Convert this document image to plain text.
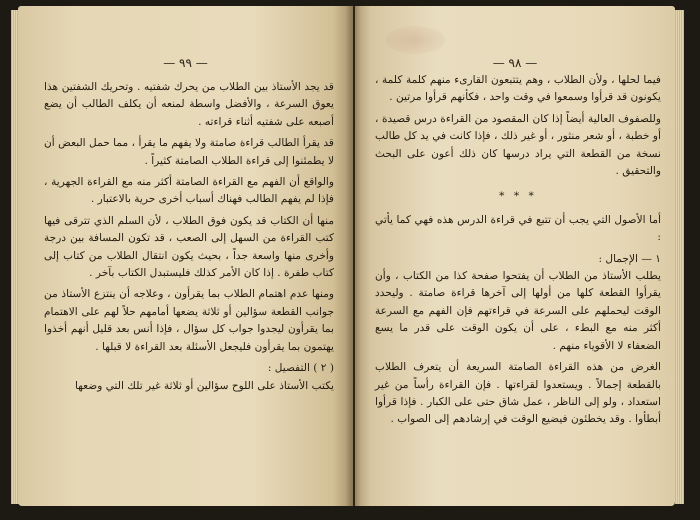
— ٩٩ —

قد يجد الأستاذ بين الطلاب من يحرك شفتيه . وتحريك الشفتين هذا يعوق السرعة ، والأفضل واسطة لمنعه أن يكلف الطالب أن يضع أصبعه على شفتيه أثناء قراءته .

قد يقرأ الطالب قراءة صامتة ولا يفهم ما يقرأ ، مما حمل البعض أن لا يطمئنوا إلى قراءة الطلاب الصامتة كثيراً .

والواقع أن الفهم مع القراءة الصامتة أكثر منه مع القراءة الجهرية ، فإذا لم يفهم الطالب فهناك أسباب أخرى حرية بالاعتبار .

منها أن الكتاب قد يكون فوق الطلاب ، لأن السلم الذي تترقى فيها كتب القراءة من السهل إلى الصعب ، قد تكون المسافة بين درجة وأخرى منها واسعة جداً ، بحيث يكون انتقال الطلاب من كتاب إلى كتاب طفرة . إذا كان الأمر كذلك فليستبدل الكتاب بآخر .

ومنها عدم اهتمام الطلاب بما يقرأون ، وعلاجه أن ينتزع الأستاذ من جوانب القطعة سؤالين أو ثلاثة يضعها أمامهم حلاً لهم على الاهتمام بما يقرأون ليجدوا جواب كل سؤال ، فإذا أنس بعد قليل أنهم أخذوا يهتمون بما يقرأون فليجعل الأسئلة بعد القراءة لا قبلها .

( ٢ ) التفصيل :

يكتب الأستاذ على اللوح سؤالين أو ثلاثة غير تلك التي وضعها

— ٩٨ —

فيما لحلها ، ولأن الطلاب ، وهم يتتبعون القارىء منهم كلمة كلمة ، يكونون قد قرأوا وسمعوا في وقت واحد ، فكأنهم قرأوا مرتين .

وللصفوف العالية أيضاً إذا كان المقصود من القراءة درس قصيدة ، أو خطبة ، أو شعر منثور ، أو غير ذلك ، فإذا كانت في يد كل طالب نسخة من القطعة التي يراد درسها كان ذلك أعون على البحث والتحقيق .

* * *

أما الأصول التي يجب أن تتبع في قراءة الدرس هذه فهي كما يأتي :

١ — الإجمال :

يطلب الأستاذ من الطلاب أن يفتحوا صفحة كذا من الكتاب ، وأن يقرأوا القطعة كلها من أولها إلى آخرها قراءة صامتة . وليحدد الوقت ليحملهم على السرعة في قراءتهم فإن الفهم مع السرعة أكثر منه مع البطء ، على أن يكون الوقت على قدر ما يسع الضعفاء لا الأقوياء منهم .

الغرض من هذه القراءة الصامتة السريعة أن يتعرف الطلاب بالقطعة إجمالاً . ويستعدوا لقراءتها . فإن القراءة رأساً من غير استعداد ، ولو إلى الناظر ، عمل شاق حتى على الكبار . فإذا قرأوا أبطأوا . وقد يخطئون فيضيع الوقت في إرشادهم إلى الصواب .
